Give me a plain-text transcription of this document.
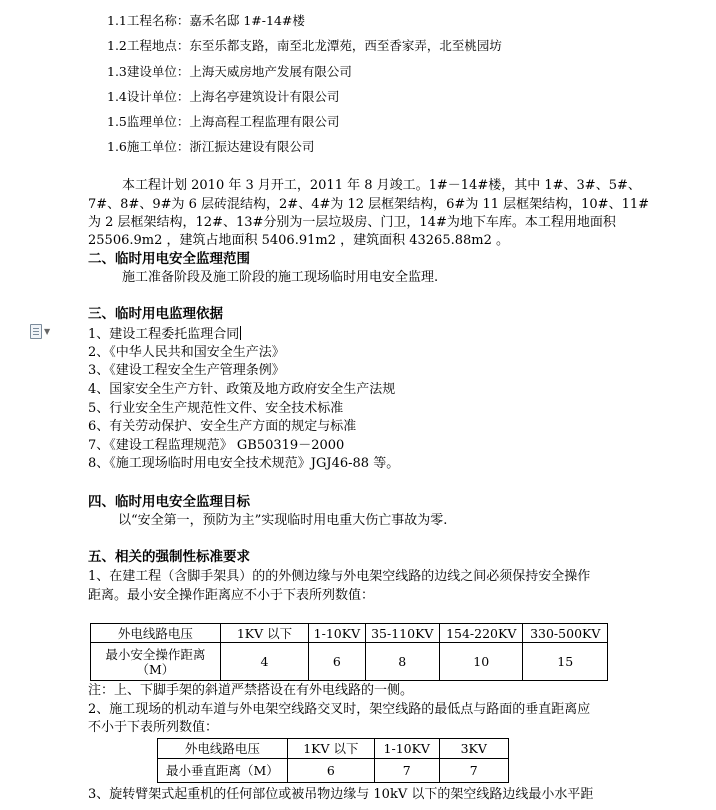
1.1工程名称：嘉禾名邸 1#-14#楼
1.2工程地点：东至乐都支路，南至北龙潭苑，西至香家弄，北至桃园坊
1.3建设单位：上海天威房地产发展有限公司
1.4设计单位：上海名亭建筑设计有限公司
1.5监理单位：上海高程工程监理有限公司
1.6施工单位：浙江振达建设有限公司
本工程计划 2010 年 3 月开工，2011 年 8 月竣工。1#－14#楼，其中 1#、3#、5#、
7#、8#、9#为 6 层砖混结构，2#、4#为 12 层框架结构，6#为 11 层框架结构，10#、11#
为 2 层框架结构，12#、13#分别为一层垃圾房、门卫，14#为地下车库。本工程用地面积
25506.9m2 ，建筑占地面积 5406.91m2 ，建筑面积 43265.88m2 。
二、临时用电安全监理范围
施工准备阶段及施工阶段的施工现场临时用电安全监理.
▼
三、临时用电监理依据
1、建设工程委托监理合同
2、《中华人民共和国安全生产法》
3、《建设工程安全生产管理条例》
4、国家安全生产方针、政策及地方政府安全生产法规
5、行业安全生产规范性文件、安全技术标准
6、有关劳动保护、安全生产方面的规定与标准
7、《建设工程监理规范》 GB50319－2000
8、《施工现场临时用电安全技术规范》JGJ46-88 等。
四、临时用电安全监理目标
以“安全第一，预防为主”实现临时用电重大伤亡事故为零.
五、相关的强制性标准要求
1、在建工程（含脚手架具）的的外侧边缘与外电架空线路的边线之间必须保持安全操作
距离。最小安全操作距离应不小于下表所列数值：
外电线路电压	1KV 以下	1-10KV	35-110KV	154-220KV	330-500KV

最小安全操作距离
（M）	4	6	8	10	15
注：上、下脚手架的斜道严禁搭设在有外电线路的一侧。
2、施工现场的机动车道与外电架空线路交叉时，架空线路的最低点与路面的垂直距离应
不小于下表所列数值：
外电线路电压	1KV 以下	1-10KV	3KV
最小垂直距离（M）	6	7	7
3、旋转臂架式起重机的任何部位或被吊物边缘与 10kV 以下的架空线路边线最小水平距
